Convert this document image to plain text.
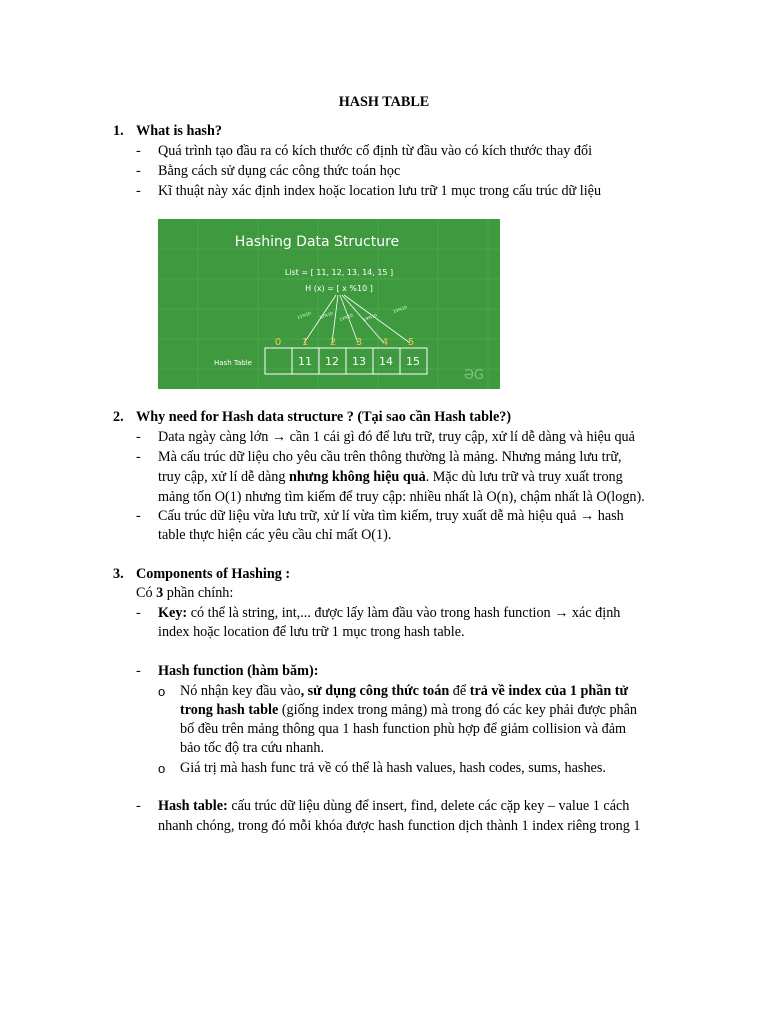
HASH TABLE
1. What is hash?
- Quá trình tạo đầu ra có kích thước cố định từ đầu vào có kích thước thay đổi
- Bằng cách sử dụng các công thức toán học
- Kĩ thuật này xác định index hoặc location lưu trữ 1 mục trong cấu trúc dữ liệu
Hashing Data Structure
List = [ 11, 12, 13, 14, 15 ]
H (x) = [ x %10 ]
11%10 12%10 13%10 14%10
15%10
0 1 2 3 4 5
Hash Table	11 12 13 14 15
ƏG
2. Why need for Hash data structure ? (Tại sao cần Hash table?)
- Data ngày càng lớn → cần 1 cái gì đó để lưu trữ, truy cập, xử lí dễ dàng và hiệu quả
- Mà cấu trúc dữ liệu cho yêu cầu trên thông thường là mảng. Nhưng mảng lưu trữ,
truy cập, xử lí dễ dàng nhưng không hiệu quả. Mặc dù lưu trữ và truy xuất trong
mảng tốn O(1) nhưng tìm kiếm để truy cập: nhiều nhất là O(n), chậm nhất là O(logn).
- Cấu trúc dữ liệu vừa lưu trữ, xử lí vừa tìm kiếm, truy xuất dễ mà hiệu quả → hash
table thực hiện các yêu cầu chỉ mất O(1).
3. Components of Hashing :
Có 3 phần chính:
- Key: có thể là string, int,... được lấy làm đầu vào trong hash function → xác định
index hoặc location để lưu trữ 1 mục trong hash table.
- Hash function (hàm băm):
o Nó nhận key đầu vào, sử dụng công thức toán để trả về index của 1 phần tử
trong hash table (giống index trong mảng) mà trong đó các key phải được phân
bố đều trên mảng thông qua 1 hash function phù hợp để giảm collision và đảm
bảo tốc độ tra cứu nhanh.
o Giá trị mà hash func trả về có thể là hash values, hash codes, sums, hashes.
- Hash table: cấu trúc dữ liệu dùng để insert, find, delete các cặp key – value 1 cách
nhanh chóng, trong đó mỗi khóa được hash function dịch thành 1 index riêng trong 1
